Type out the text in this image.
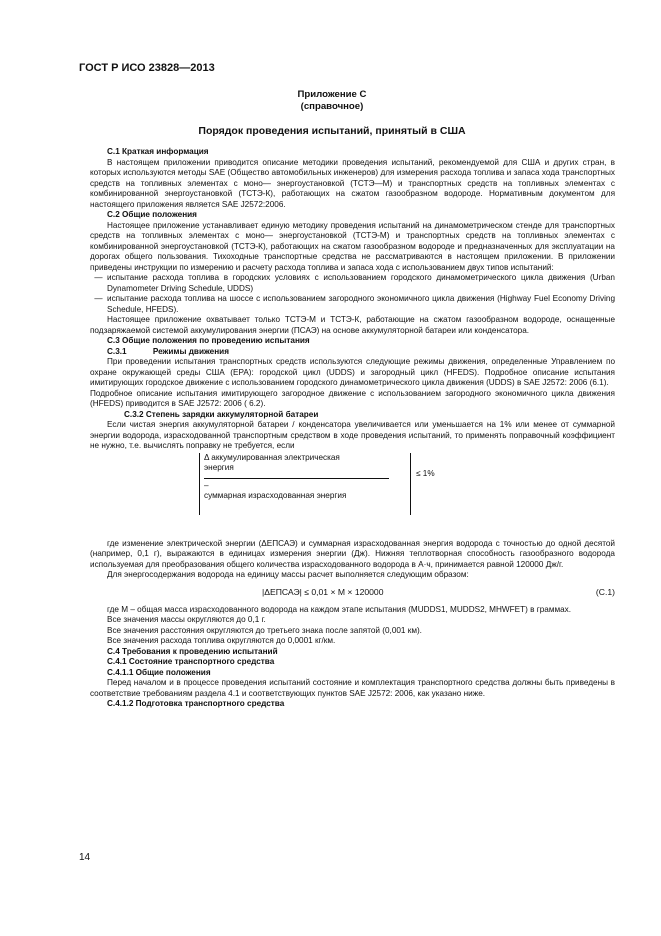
ГОСТ Р ИСО 23828—2013
Приложение С
(справочное)
Порядок проведения испытаний, принятый в США

С.1 Краткая информация

В настоящем приложении приводится описание методики проведения испытаний, рекомендуемой для США и других стран, в которых используются методы SAE (Общество автомобильных инженеров) для измерения расхода топлива и запаса хода транспортных средств на топливных элементах с моно— энергоустановкой (ТСТЭ—М) и транспортных средств на топливных элементах с комбинированной энергоустановкой (ТСТЭ-К), работающих на сжатом газообразном водороде. Нормативным документом для настоящего приложения является SAE J2572:2006.

С.2 Общие положения

Настоящее приложение устанавливает единую методику проведения испытаний на динамометрическом стенде для транспортных средств на топливных элементах с моно— энергоустановкой (ТСТЭ-М) и транспортных средств на топливных элементах с комбинированной энергоустановкой (ТСТЭ-К), работающих на сжатом газообразном водороде и предназначенных для эксплуатации на дорогах общего пользования. Тихоходные транспортные средства не рассматриваются в настоящем приложении. В приложении приведены инструкции по измерению и расчету расхода топлива и запаса хода с использованием двух типов испытаний:

— испытание расхода топлива в городских условиях с использованием городского динамометрического цикла движения (Urban Dynamometer Driving Schedule, UDDS)

— испытание расхода топлива на шоссе с использованием загородного экономичного цикла движения (Highway Fuel Economy Driving Schedule, HFEDS).

Настоящее приложение охватывает только ТСТЭ-М и ТСТЭ-К, работающие на сжатом газообразном водороде, оснащенные подзаряжаемой системой аккумулирования энергии (ПСАЭ) на основе аккумуляторной батареи или конденсатора.

С.3 Общие положения по проведению испытания

С.3.1	Режимы движения

При проведении испытания транспортных средств используются следующие режимы движения, определенные Управлением по охране окружающей среды США (EPA): городской цикл (UDDS) и загородный цикл (HFEDS). Подробное описание испытания имитирующих городское движение с использованием городского динамометрического цикла движения (UDDS) в SAE J2572: 2006 (6.1).

Подробное описание испытания имитирующего загородное движение с использованием загородного экономичного цикла движения (HFEDS) приводится в SAE J2572: 2006 ( 6.2).

С.3.2 Степень зарядки аккумуляторной батареи

Если чистая энергия аккумуляторной батареи / конденсатора увеличивается или уменьшается на 1% или менее от суммарной энергии водорода, израсходованной транспортным средством в ходе проведения испытаний, то применять поправочный коэффициент не нужно, т.е. вычислять поправку не требуется, если

Δ аккумулированная электрическая
энергия
–
суммарная израсходованная энергия
≤ 1%

где изменение электрической энергии (ΔEПСАЭ) и суммарная израсходованная энергия водорода с точностью до одной десятой (например, 0,1 г), выражаются в единицах измерения энергии (Дж). Нижняя теплотворная способность газообразного водорода используемая для преобразования общего количества израсходованного водорода в А·ч, принимается равной 120000 Дж/г.

Для энергосодержания водорода на единицу массы расчет выполняется следующим образом:

|ΔEПСАЭ| ≤ 0,01 × M × 120000	(С.1)

где M – общая масса израсходованного водорода на каждом этапе испытания (MUDDS1, MUDDS2, MHWFET) в граммах.

Все значения массы округляются до 0,1 г.

Все значения расстояния округляются до третьего знака после запятой (0,001 км).

Все значения расхода топлива округляются до 0,0001 кг/км.

С.4 Требования к проведению испытаний

С.4.1 Состояние транспортного средства

С.4.1.1 Общие положения

Перед началом и в процессе проведения испытаний состояние и комплектация транспортного средства должны быть приведены в соответствие требованиям раздела 4.1 и соответствующих пунктов SAE J2572: 2006, как указано ниже.

С.4.1.2 Подготовка транспортного средства

14
